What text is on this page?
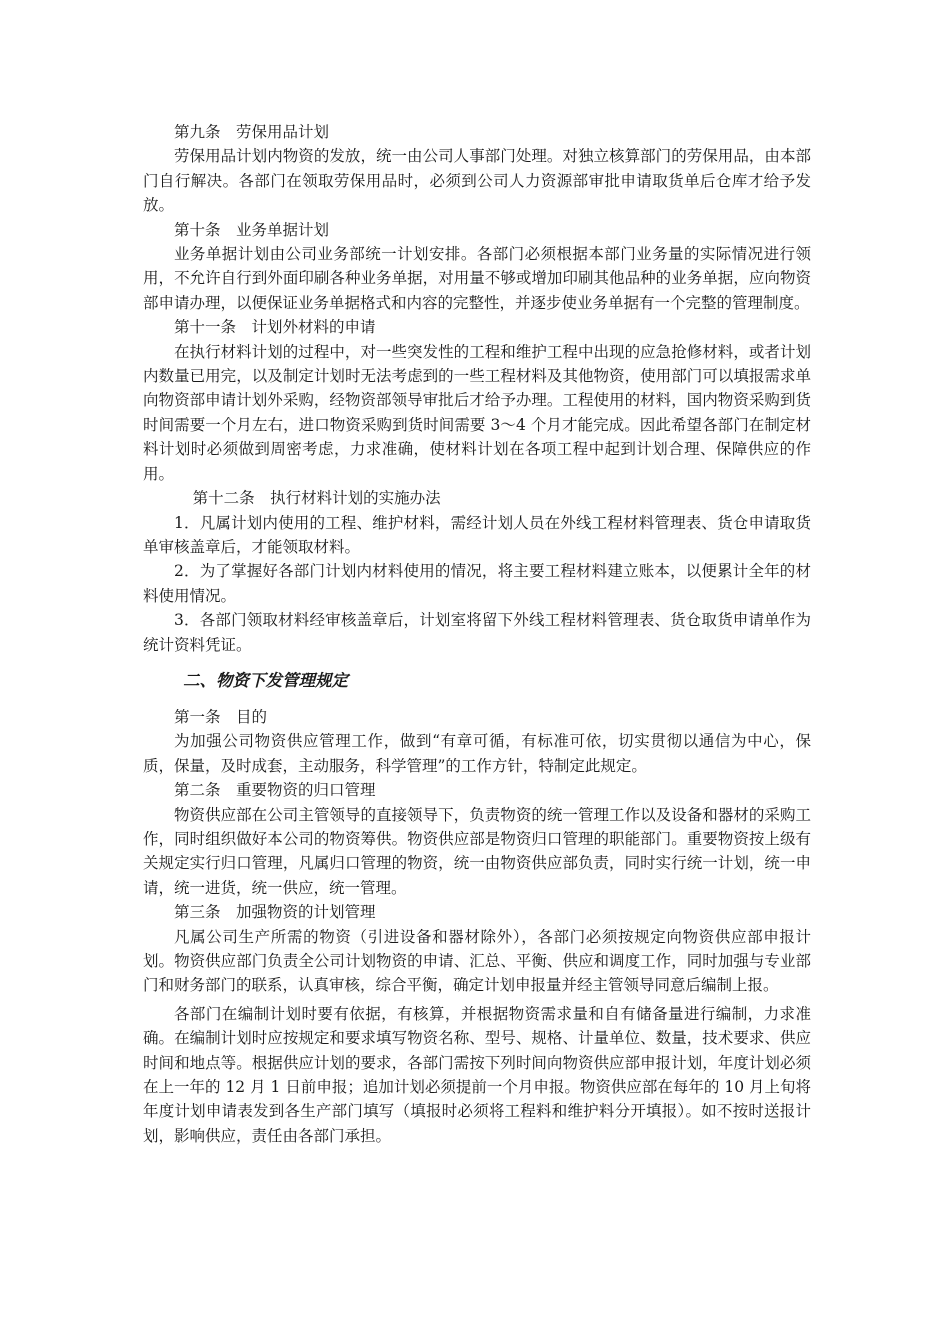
第九条　劳保用品计划

劳保用品计划内物资的发放，统一由公司人事部门处理。对独立核算部门的劳保用品，由本部门自行解决。各部门在领取劳保用品时，必须到公司人力资源部审批申请取货单后仓库才给予发放。

第十条　业务单据计划

业务单据计划由公司业务部统一计划安排。各部门必须根据本部门业务量的实际情况进行领用，不允许自行到外面印刷各种业务单据，对用量不够或增加印刷其他品种的业务单据，应向物资部申请办理，以便保证业务单据格式和内容的完整性，并逐步使业务单据有一个完整的管理制度。

第十一条　计划外材料的申请

在执行材料计划的过程中，对一些突发性的工程和维护工程中出现的应急抢修材料，或者计划内数量已用完，以及制定计划时无法考虑到的一些工程材料及其他物资，使用部门可以填报需求单向物资部申请计划外采购，经物资部领导审批后才给予办理。工程使用的材料，国内物资采购到货时间需要一个月左右，进口物资采购到货时间需要 3～4 个月才能完成。因此希望各部门在制定材料计划时必须做到周密考虑，力求准确，使材料计划在各项工程中起到计划合理、保障供应的作用。

第十二条　执行材料计划的实施办法

1．凡属计划内使用的工程、维护材料，需经计划人员在外线工程材料管理表、货仓申请取货单审核盖章后，才能领取材料。

2．为了掌握好各部门计划内材料使用的情况，将主要工程材料建立账本，以便累计全年的材料使用情况。

3．各部门领取材料经审核盖章后，计划室将留下外线工程材料管理表、货仓取货申请单作为统计资料凭证。

二、物资下发管理规定

第一条　目的

为加强公司物资供应管理工作，做到“有章可循，有标准可依，切实贯彻以通信为中心，保质，保量，及时成套，主动服务，科学管理”的工作方针，特制定此规定。

第二条　重要物资的归口管理

物资供应部在公司主管领导的直接领导下，负责物资的统一管理工作以及设备和器材的采购工作，同时组织做好本公司的物资筹供。物资供应部是物资归口管理的职能部门。重要物资按上级有关规定实行归口管理，凡属归口管理的物资，统一由物资供应部负责，同时实行统一计划，统一申请，统一进货，统一供应，统一管理。

第三条　加强物资的计划管理

凡属公司生产所需的物资（引进设备和器材除外），各部门必须按规定向物资供应部申报计划。物资供应部门负责全公司计划物资的申请、汇总、平衡、供应和调度工作，同时加强与专业部门和财务部门的联系，认真审核，综合平衡，确定计划申报量并经主管领导同意后编制上报。

各部门在编制计划时要有依据，有核算，并根据物资需求量和自有储备量进行编制，力求准确。在编制计划时应按规定和要求填写物资名称、型号、规格、计量单位、数量，技术要求、供应时间和地点等。根据供应计划的要求，各部门需按下列时间向物资供应部申报计划，年度计划必须在上一年的 12 月 1 日前申报；追加计划必须提前一个月申报。物资供应部在每年的 10 月上旬将年度计划申请表发到各生产部门填写（填报时必须将工程料和维护料分开填报）。如不按时送报计划，影响供应，责任由各部门承担。
